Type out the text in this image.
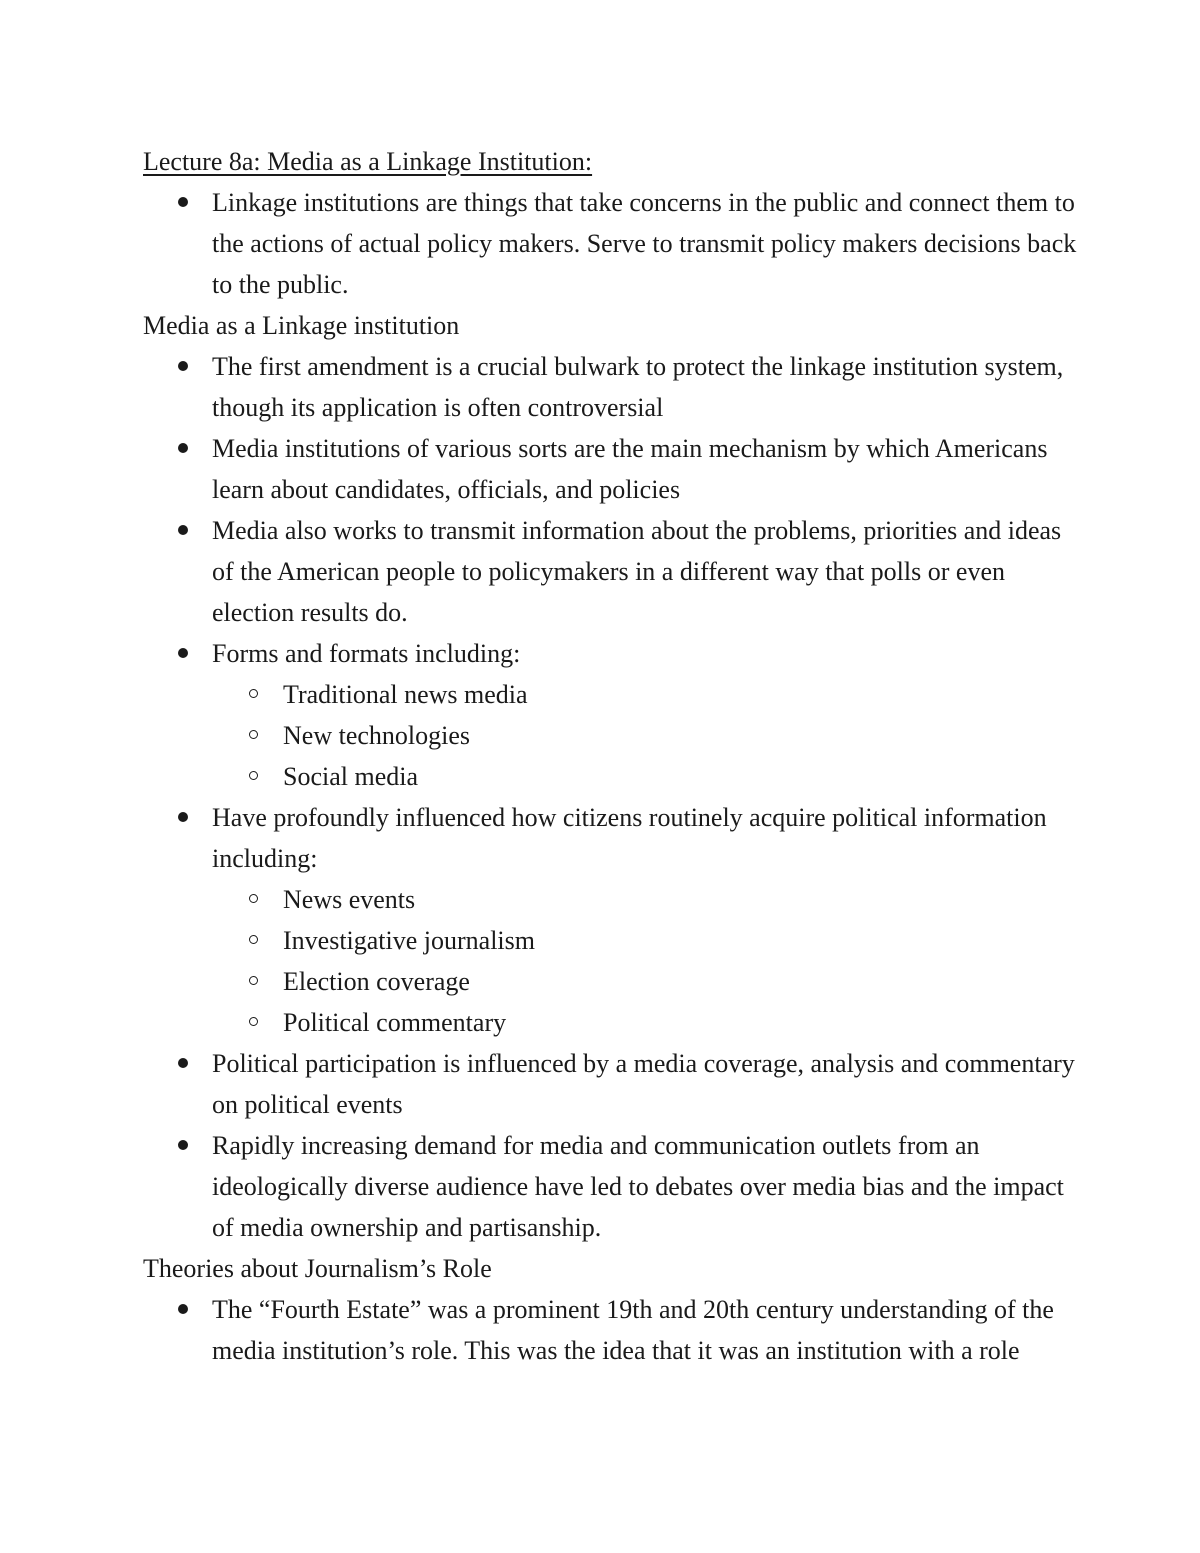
Lecture 8a: Media as a Linkage Institution:
Linkage institutions are things that take concerns in the public and connect them to the actions of actual policy makers. Serve to transmit policy makers decisions back to the public.
Media as a Linkage institution
The first amendment is a crucial bulwark to protect the linkage institution system, though its application is often controversial
Media institutions of various sorts are the main mechanism by which Americans learn about candidates, officials, and policies
Media also works to transmit information about the problems, priorities and ideas of the American people to policymakers in a different way that polls or even election results do.
Forms and formats including:
Traditional news media
New technologies
Social media
Have profoundly influenced how citizens routinely acquire political information including:
News events
Investigative journalism
Election coverage
Political commentary
Political participation is influenced by a media coverage, analysis and commentary on political events
Rapidly increasing demand for media and communication outlets from an ideologically diverse audience have led to debates over media bias and the impact of media ownership and partisanship.
Theories about Journalism’s Role
The “Fourth Estate” was a prominent 19th and 20th century understanding of the media institution’s role. This was the idea that it was an institution with a role
